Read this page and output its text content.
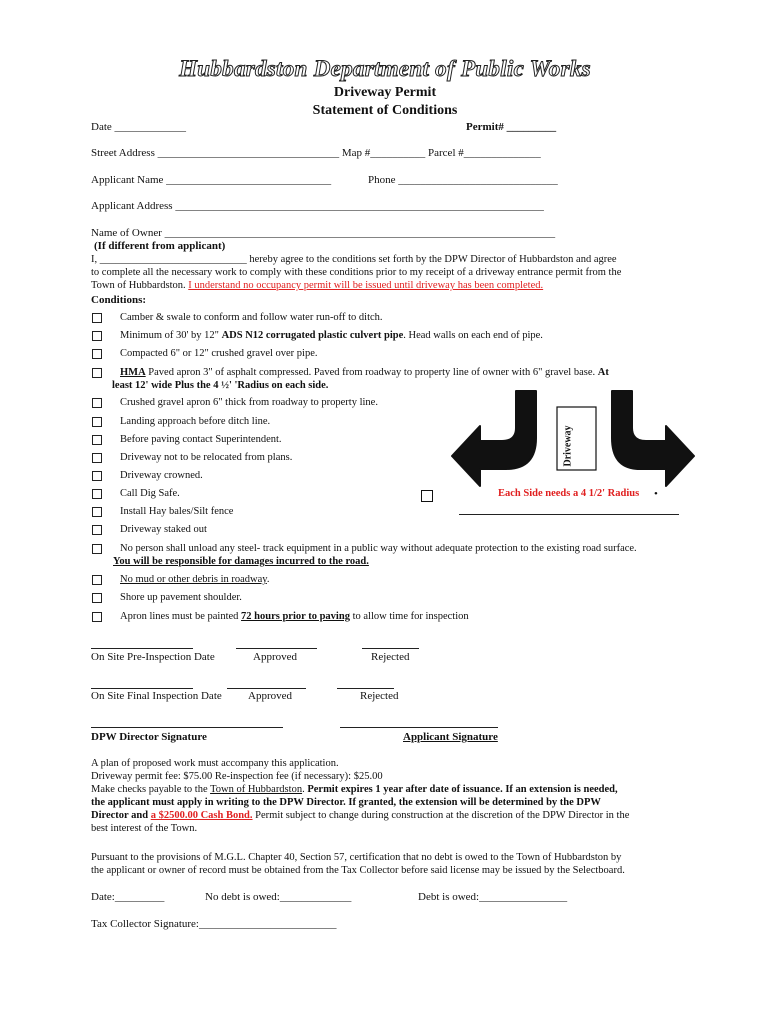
Hubbardston Department of Public Works
Driveway Permit
Statement of Conditions
Date _____________	Permit# _________
Street Address _________________________________ Map #__________ Parcel #______________
Applicant Name ______________________________	Phone _____________________________
Applicant Address ___________________________________________________________________
Name of Owner _______________________________________________________________________
(If different from applicant)
I, ____________________________ hereby agree to the conditions set forth by the DPW Director of Hubbardston and agree
to complete all the necessary work to comply with these conditions prior to my receipt of a driveway entrance permit from the
Town of Hubbardston. I understand no occupancy permit will be issued until driveway has been completed.
Conditions:
Camber & swale to conform and follow water run-off to ditch.
Minimum of 30' by 12" ADS N12 corrugated plastic culvert pipe. Head walls on each end of pipe.
Compacted 6" or 12" crushed gravel over pipe.
HMA Paved apron 3" of asphalt compressed. Paved from roadway to property line of owner with 6" gravel base. At
least 12' wide Plus the 4 ½' 'Radius on each side.
Crushed gravel apron 6" thick from roadway to property line.
Landing approach before ditch line.
Before paving contact Superintendent.
Driveway not to be relocated from plans.
Driveway crowned.
Call Dig Safe.
Install Hay bales/Silt fence
Driveway staked out
No person shall unload any steel- track equipment in a public way without adequate protection to the existing road surface.
You will be responsible for damages incurred to the road.
No mud or other debris in roadway.
Shore up pavement shoulder.
Apron lines must be painted 72 hours prior to paving to allow time for inspection
Driveway
Each Side needs a 4 1/2' Radius •
On Site Pre-Inspection Date	Approved	Rejected
On Site Final Inspection Date Approved	Rejected
DPW Director Signature	Applicant Signature
A plan of proposed work must accompany this application.
Driveway permit fee: $75.00 Re-inspection fee (if necessary): $25.00
Make checks payable to the Town of Hubbardston. Permit expires 1 year after date of issuance. If an extension is needed,
the applicant must apply in writing to the DPW Director. If granted, the extension will be determined by the DPW
Director and a $2500.00 Cash Bond. Permit subject to change during construction at the discretion of the DPW Director in the
best interest of the Town.
Pursuant to the provisions of M.G.L. Chapter 40, Section 57, certification that no debt is owed to the Town of Hubbardston by
the applicant or owner of record must be obtained from the Tax Collector before said license may be issued by the Selectboard.
Date:_________	No debt is owed:_____________	Debt is owed:________________
Tax Collector Signature:_________________________
